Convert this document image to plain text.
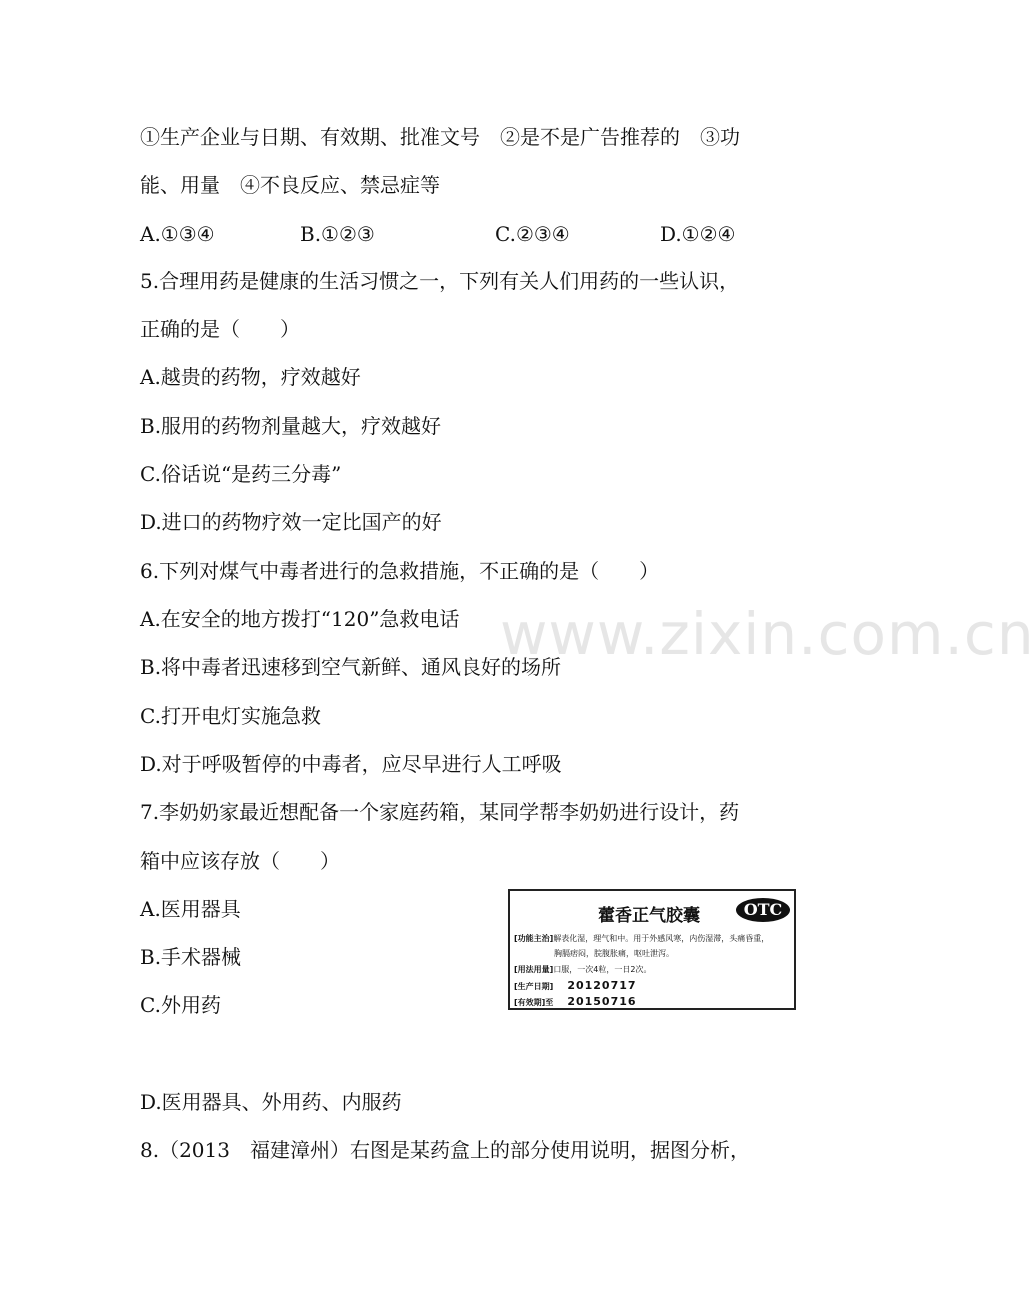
www.zixin.com.cn
①生产企业与日期、有效期、批准文号　②是不是广告推荐的　③功
能、用量　④不良反应、禁忌症等
A.①③④	B.①②③	C.②③④	D.①②④
5.合理用药是健康的生活习惯之一，下列有关人们用药的一些认识，
正确的是（　　）
A.越贵的药物，疗效越好
B.服用的药物剂量越大，疗效越好
C.俗话说“是药三分毒”
D.进口的药物疗效一定比国产的好
6.下列对煤气中毒者进行的急救措施，不正确的是（　　）
A.在安全的地方拨打“120”急救电话
B.将中毒者迅速移到空气新鲜、通风良好的场所
C.打开电灯实施急救
D.对于呼吸暂停的中毒者，应尽早进行人工呼吸
7.李奶奶家最近想配备一个家庭药箱，某同学帮李奶奶进行设计，药
箱中应该存放（　　）
A.医用器具
B.手术器械
C.外用药
D.医用器具、外用药、内服药
8.（2013　福建漳州）右图是某药盒上的部分使用说明，据图分析，
藿香正气胶囊	OTC
[功能主治]解表化湿，理气和中。用于外感风寒，内伤湿滞，头痛昏重，
胸膈痞闷，脘腹胀痛，呕吐泄泻。
[用法用量]口服，一次4粒，一日2次。
[生产日期] 20120717
[有效期]至 20150716
